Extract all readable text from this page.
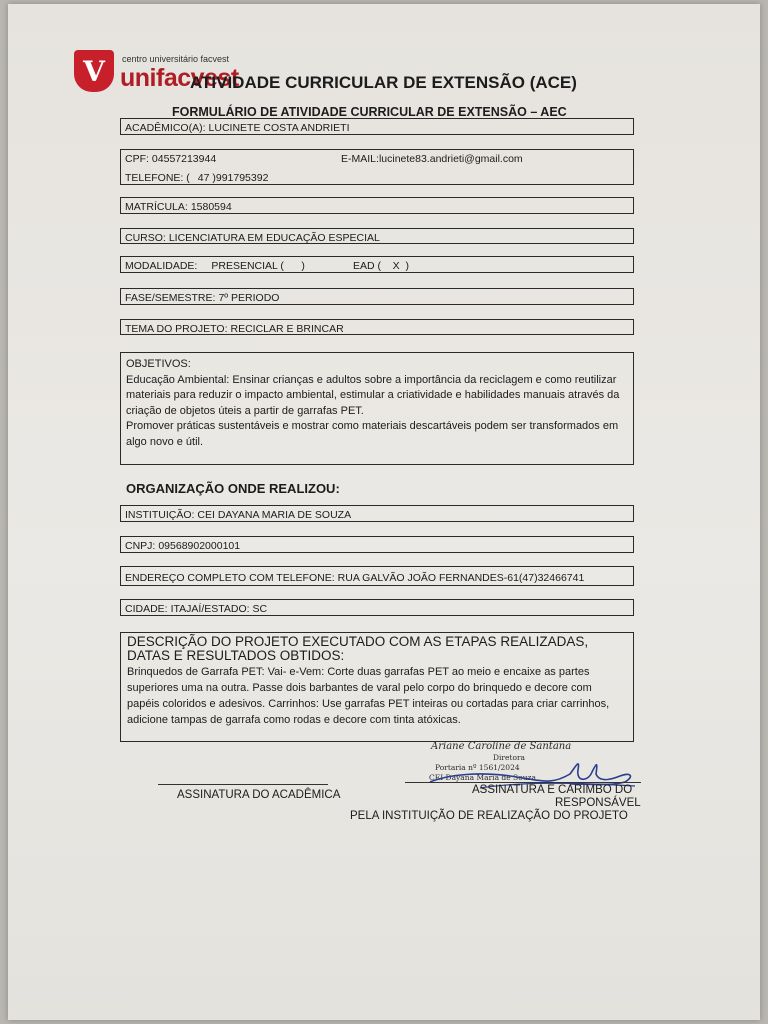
V	centro universitário facvest
unifacvest
ATIVIDADE CURRICULAR DE EXTENSÃO (ACE)
FORMULÁRIO DE ATIVIDADE CURRICULAR DE EXTENSÃO – AEC
ACADÊMICO(A): LUCINETE COSTA ANDRIETI
CPF: 04557213944	E-MAIL:lucinete83.andrieti@gmail.com
TELEFONE: ( 47 )991795392
MATRÍCULA: 1580594
CURSO: LICENCIATURA EM EDUCAÇÃO ESPECIAL
MODALIDADE: PRESENCIAL (      )	EAD (    X  )
FASE/SEMESTRE: 7º PERIODO
TEMA DO PROJETO: RECICLAR E BRINCAR
OBJETIVOS:
Educação Ambiental: Ensinar crianças e adultos sobre a importância da reciclagem e como reutilizar materiais para reduzir o impacto ambiental, estimular a criatividade e habilidades manuais através da criação de objetos úteis a partir de garrafas PET.
Promover práticas sustentáveis e mostrar como materiais descartáveis podem ser transformados em algo novo e útil.
ORGANIZAÇÃO ONDE REALIZOU:
INSTITUIÇÃO: CEI DAYANA MARIA DE SOUZA
CNPJ: 09568902000101
ENDEREÇO COMPLETO COM TELEFONE: RUA GALVÃO JOÃO FERNANDES-61(47)32466741
CIDADE: ITAJAÍ/ESTADO: SC
DESCRIÇÃO DO PROJETO EXECUTADO COM AS ETAPAS REALIZADAS, DATAS E RESULTADOS OBTIDOS:
Brinquedos de Garrafa PET: Vai- e-Vem: Corte duas garrafas PET ao meio e encaixe as partes superiores uma na outra. Passe dois barbantes de varal pelo corpo do brinquedo e decore com papéis coloridos e adesivos. Carrinhos: Use garrafas PET inteiras ou cortadas para criar carrinhos, adicione tampas de garrafa como rodas e decore com tinta atóxicas.
Ariane Caroline de Santana
Diretora
Portaria nº 1561/2024
CEI Dayana Maria de Souza
ASSINATURA DO ACADÊMICA	ASSINATURA E CARIMBO DO
RESPONSÁVEL
PELA INSTITUIÇÃO DE REALIZAÇÃO DO PROJETO
